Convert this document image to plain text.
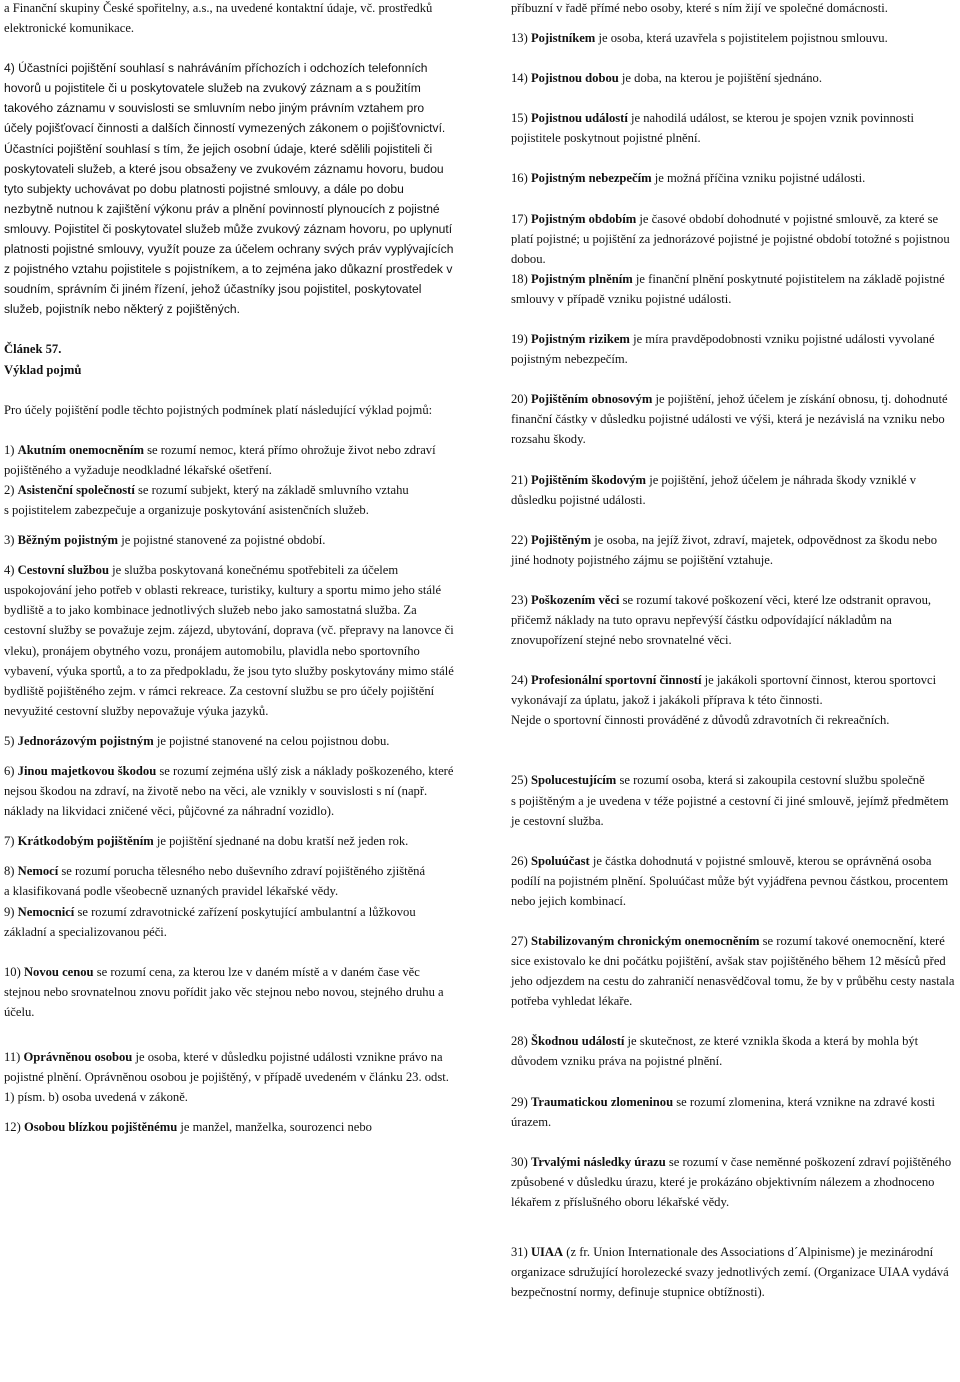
a Finanční skupiny České spořitelny, a.s., na uvedené kontaktní údaje, vč. prostředků elektronické komunikace.

4) Účastníci pojištění souhlasí s nahráváním příchozích i odchozích telefonních hovorů u pojistitele či u poskytovatele služeb na zvukový záznam a s použitím takového záznamu v souvislosti se smluvním nebo jiným právním vztahem pro účely pojišťovací činnosti a dalších činností vymezených zákonem o pojišťovnictví. Účastníci pojištění souhlasí s tím, že jejich osobní údaje, které sdělili pojistiteli či poskytovateli služeb, a které jsou obsaženy ve zvukovém záznamu hovoru, budou tyto subjekty uchovávat po dobu platnosti pojistné smlouvy, a dále po dobu nezbytně nutnou k zajištění výkonu práv a plnění povinností plynoucích z pojistné smlouvy. Pojistitel či poskytovatel služeb může zvukový záznam hovoru, po uplynutí platnosti pojistné smlouvy, využít pouze za účelem ochrany svých práv vyplývajících z pojistného vztahu pojistitele s pojistníkem, a to zejména jako důkazní prostředek v soudním, správním či jiném řízení, jehož účastníky jsou pojistitel, poskytovatel služeb, pojistník nebo některý z pojištěných.

Článek 57.

Výklad pojmů

Pro účely pojištění podle těchto pojistných podmínek platí následující výklad pojmů:

1) Akutním onemocněním se rozumí nemoc, která přímo ohrožuje život nebo zdraví pojištěného a vyžaduje neodkladné lékařské ošetření.

2) Asistenční společností se rozumí subjekt, který na základě smluvního vztahu

s pojistitelem zabezpečuje a organizuje poskytování asistenčních služeb.

3) Běžným pojistným je pojistné stanovené za pojistné období.

4) Cestovní službou je služba poskytovaná konečnému spotřebiteli za účelem uspokojování jeho potřeb v oblasti rekreace, turistiky, kultury a sportu mimo jeho stálé bydliště a to jako kombinace jednotlivých služeb nebo jako samostatná služba. Za cestovní služby se považuje zejm. zájezd, ubytování, doprava (vč. přepravy na lanovce či vleku), pronájem obytného vozu, pronájem automobilu, plavidla nebo sportovního vybavení, výuka sportů, a to za předpokladu, že jsou tyto služby poskytovány mimo stálé bydliště pojištěného zejm. v rámci rekreace. Za cestovní službu se pro účely pojištění nevyužité cestovní služby nepovažuje výuka jazyků.

5) Jednorázovým pojistným je pojistné stanovené na celou pojistnou dobu.

6) Jinou majetkovou škodou se rozumí zejména ušlý zisk a náklady poškozeného, které nejsou škodou na zdraví, na životě nebo na věci, ale vznikly v souvislosti s ní (např. náklady na likvidaci zničené věci, půjčovné za náhradní vozidlo).

7) Krátkodobým pojištěním je pojištění sjednané na dobu kratší než jeden rok.

8) Nemocí se rozumí porucha tělesného nebo duševního zdraví pojištěného zjištěná

a klasifikovaná podle všeobecně uznaných pravidel lékařské vědy.

9) Nemocnicí se rozumí zdravotnické zařízení poskytující ambulantní a lůžkovou základní a specializovanou péči.

10) Novou cenou se rozumí cena, za kterou lze v daném místě a v daném čase věc stejnou nebo srovnatelnou znovu pořídit jako věc stejnou nebo novou, stejného druhu a účelu.

11) Oprávněnou osobou je osoba, které v důsledku pojistné události vznikne právo na pojistné plnění. Oprávněnou osobou je pojištěný, v případě uvedeném v článku 23. odst. 1) písm. b) osoba uvedená v zákoně.

12) Osobou blízkou pojištěnému je manžel, manželka, sourozenci nebo

příbuzní v řadě přímé nebo osoby, které s ním žijí ve společné domácnosti.

13) Pojistníkem je osoba, která uzavřela s pojistitelem pojistnou smlouvu.

14) Pojistnou dobou je doba, na kterou je pojištění sjednáno.

15) Pojistnou událostí je nahodilá událost, se kterou je spojen vznik povinnosti pojistitele poskytnout pojistné plnění.

16) Pojistným nebezpečím je možná příčina vzniku pojistné události.

17) Pojistným obdobím je časové období dohodnuté v pojistné smlouvě, za které se platí pojistné; u pojištění za jednorázové pojistné je pojistné období totožné s pojistnou dobou.

18) Pojistným plněním je finanční plnění poskytnuté pojistitelem na základě pojistné smlouvy v případě vzniku pojistné události.

19) Pojistným rizikem je míra pravděpodobnosti vzniku pojistné události vyvolané pojistným nebezpečím.

20) Pojištěním obnosovým je pojištění, jehož účelem je získání obnosu, tj. dohodnuté finanční částky v důsledku pojistné události ve výši, která je nezávislá na vzniku nebo rozsahu škody.

21) Pojištěním škodovým je pojištění, jehož účelem je náhrada škody vzniklé v důsledku pojistné události.

22) Pojištěným je osoba, na jejíž život, zdraví, majetek, odpovědnost za škodu nebo jiné hodnoty pojistného zájmu se pojištění vztahuje.

23) Poškozením věci se rozumí takové poškození věci, které lze odstranit opravou, přičemž náklady na tuto opravu nepřevýší částku odpovídající nákladům na znovupořízení stejné nebo srovnatelné věci.

24) Profesionální sportovní činností je jakákoli sportovní činnost, kterou sportovci vykonávají za úplatu, jakož i jakákoli příprava k této činnosti.

Nejde o sportovní činnosti prováděné z důvodů zdravotních či rekreačních.

25) Spolucestujícím se rozumí osoba, která si zakoupila cestovní službu společně

s pojištěným a je uvedena v téže pojistné a cestovní či jiné smlouvě, jejímž předmětem je cestovní služba.

26) Spoluúčast je částka dohodnutá v pojistné smlouvě, kterou se oprávněná osoba podílí na pojistném plnění. Spoluúčast může být vyjádřena pevnou částkou, procentem nebo jejich kombinací.

27) Stabilizovaným chronickým onemocněním se rozumí takové onemocnění, které sice existovalo ke dni počátku pojištění, avšak stav pojištěného během 12 měsíců před jeho odjezdem na cestu do zahraničí nenasvědčoval tomu, že by v průběhu cesty nastala potřeba vyhledat lékaře.

28) Škodnou událostí je skutečnost, ze které vznikla škoda a která by mohla být důvodem vzniku práva na pojistné plnění.

29) Traumatickou zlomeninou se rozumí zlomenina, která vznikne na zdravé kosti úrazem.

30) Trvalými následky úrazu se rozumí v čase neměnné poškození zdraví pojištěného způsobené v důsledku úrazu, které je prokázáno objektivním nálezem a zhodnoceno lékařem z příslušného oboru lékařské vědy.

31) UIAA (z fr. Union Internationale des Associations d´Alpinisme) je mezinárodní organizace sdružující horolezecké svazy jednotlivých zemí. (Organizace UIAA vydává bezpečnostní normy, definuje stupnice obtížnosti).
